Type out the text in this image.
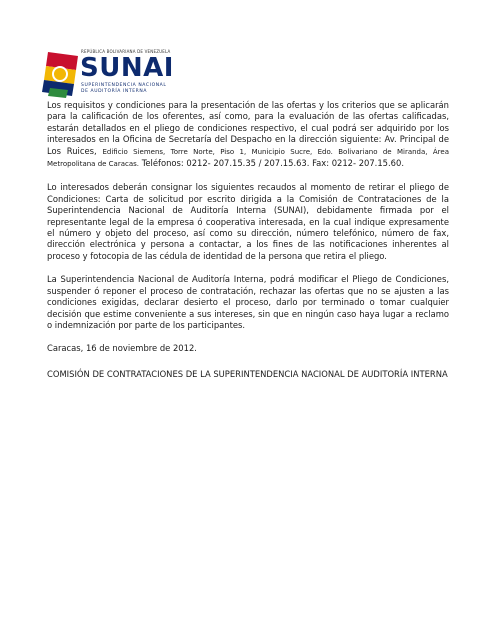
REPÚBLICA BOLIVARIANA DE VENEZUELA
SUNAI
SUPERINTENDENCIA NACIONAL
DE AUDITORÍA INTERNA

Los requisitos y condiciones para la presentación de las ofertas y los criterios que se aplicarán para la calificación de los oferentes, así como, para la evaluación de las ofertas calificadas, estarán detallados en el pliego de condiciones respectivo, el cual podrá ser adquirido por los interesados en la Oficina de Secretaría del Despacho en la dirección siguiente: Av. Principal de Los Ruices, Edificio Siemens, Torre Norte, Piso 1, Municipio Sucre, Edo. Bolivariano de Miranda, Área Metropolitana de Caracas. Teléfonos: 0212- 207.15.35 / 207.15.63. Fax: 0212- 207.15.60.

Lo interesados deberán consignar los siguientes recaudos al momento de retirar el pliego de Condiciones: Carta de solicitud por escrito dirigida a la Comisión de Contrataciones de la Superintendencia Nacional de Auditoría Interna (SUNAI), debidamente firmada por el representante legal de la empresa ó cooperativa interesada, en la cual indique expresamente el número y objeto del proceso, así como su dirección, número telefónico, número de fax, dirección electrónica y persona a contactar, a los fines de las notificaciones inherentes al proceso y fotocopia de las cédula de identidad de la persona que retira el pliego.

La Superintendencia Nacional de Auditoría Interna, podrá modificar el Pliego de Condiciones, suspender ó reponer el proceso de contratación, rechazar las ofertas que no se ajusten a las condiciones exigidas, declarar desierto el proceso, darlo por terminado o tomar cualquier decisión que estime conveniente a sus intereses, sin que en ningún caso haya lugar a reclamo o indemnización por parte de los participantes.

Caracas, 16 de noviembre de 2012.

COMISIÓN DE CONTRATACIONES DE LA SUPERINTENDENCIA NACIONAL DE AUDITORÍA INTERNA
